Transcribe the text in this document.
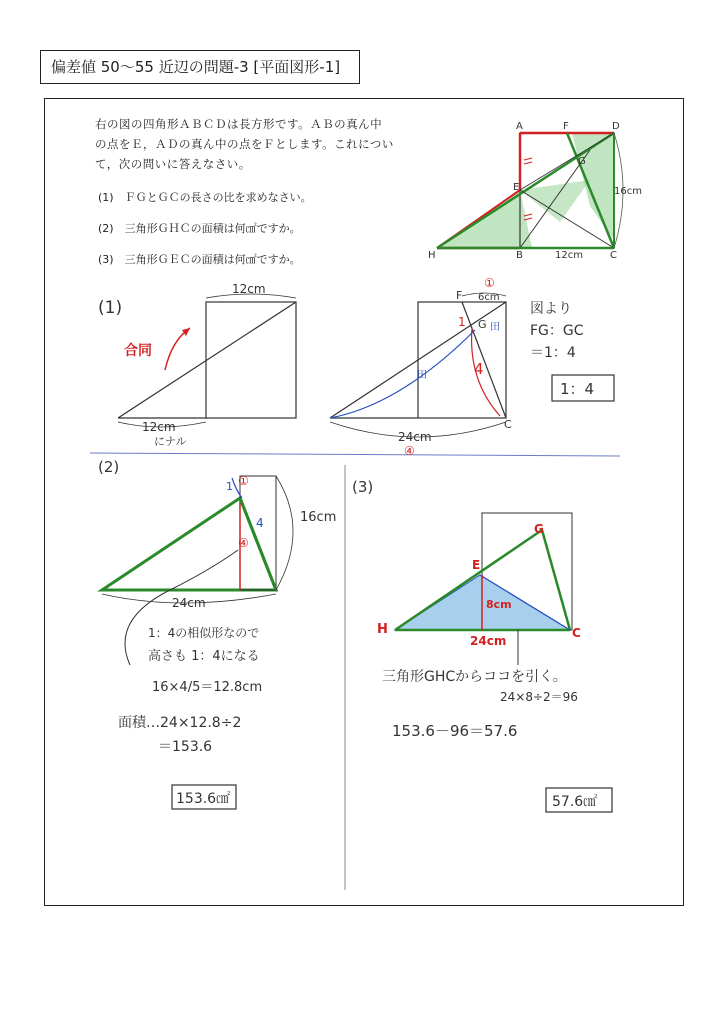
偏差値 50～55 近辺の問題-3 [平面図形-1]

右の図の四角形ＡＢＣＤは長方形です。ＡＢの真ん中

の点をＥ，ＡＤの真ん中の点をＦとします。これについ

て，次の問いに答えなさい。

(1)　ＦＧとＧＣの長さの比を求めなさい。
(2)　三角形ＧＨＣの面積は何㎠ですか。
(3)　三角形ＧＥＣの面積は何㎠ですか。
A	F	D
E
G
H	B	C
16cm
12cm
(1)
12cm
合同
12cm
にナル
F
G
C
6cm
①
1
4
田
田
24cm
④
図より
FG：GC
＝1：4
1：4
(2)
①
1
4
④
16cm
24cm
1：4の相似形なので
高さも 1：4になる
16×4/5＝12.8cm
面積…24×12.8÷2
＝153.6
153.6㎠
(3)
G
E
H	C
8cm
24cm
三角形GHCからココを引く。
24×8÷2＝96
153.6－96＝57.6
57.6㎠
